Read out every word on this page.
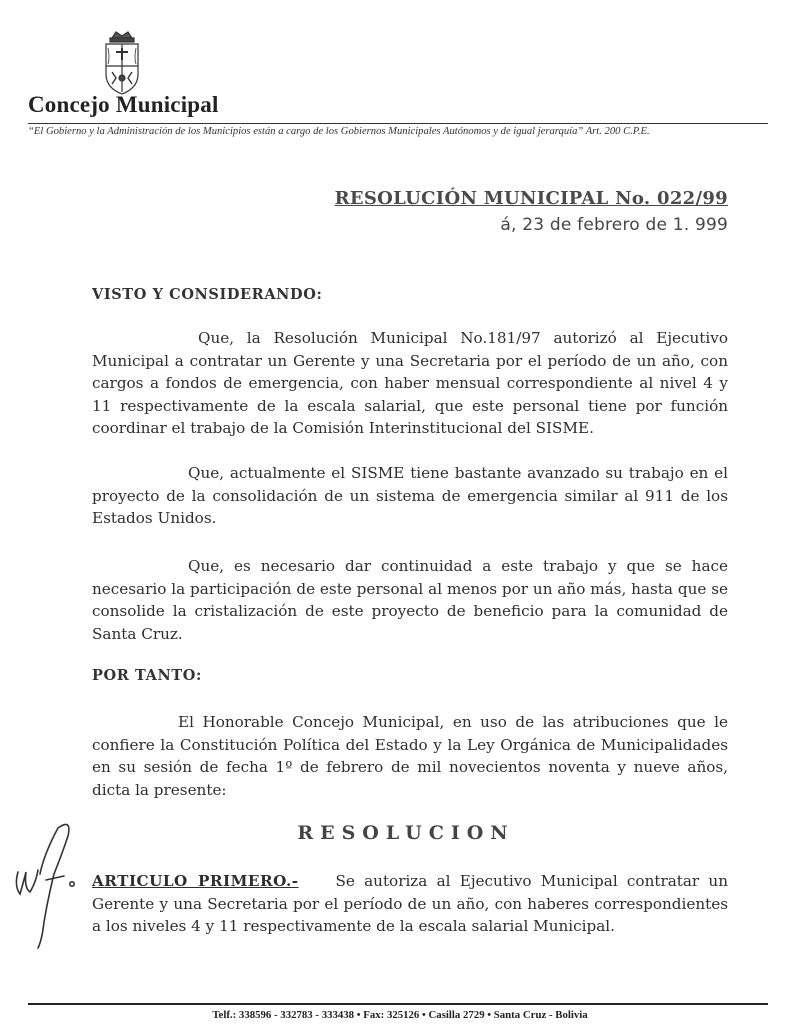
Concejo Municipal
“El Gobierno y la Administración de los Municipios están a cargo de los Gobiernos Municipales Autónomos y de igual jerarquía” Art. 200 C.P.E.
RESOLUCIÓN MUNICIPAL No. 022/99
á, 23 de febrero de 1. 999
VISTO Y CONSIDERANDO:
Que, la Resolución Municipal No.181/97 autorizó al Ejecutivo Municipal a contratar un Gerente y una Secretaria por el período de un año, con cargos a fondos de emergencia, con haber mensual correspondiente al nivel 4 y 11 respectivamente de la escala salarial, que este personal tiene por función coordinar el trabajo de la Comisión Interinstitucional del SISME.
Que, actualmente el SISME tiene bastante avanzado su trabajo en el proyecto de la consolidación de un sistema de emergencia similar al 911 de los Estados Unidos.
Que, es necesario dar continuidad a este trabajo y que se hace necesario la participación de este personal al menos por un año más, hasta que se consolide la cristalización de este proyecto de beneficio para la comunidad de Santa Cruz.
POR TANTO:
El Honorable Concejo Municipal, en uso de las atribuciones que le confiere la Constitución Política del Estado y la Ley Orgánica de Municipalidades en su sesión de fecha 1º de febrero de mil novecientos noventa y nueve años, dicta la presente:
RESOLUCION
ARTICULO PRIMERO.- Se autoriza al Ejecutivo Municipal contratar un Gerente y una Secretaria por el período de un año, con haberes correspondientes a los niveles 4 y 11 respectivamente de la escala salarial Municipal.
Telf.: 338596 - 332783 - 333438 • Fax: 325126 • Casilla 2729 • Santa Cruz - Bolivia
